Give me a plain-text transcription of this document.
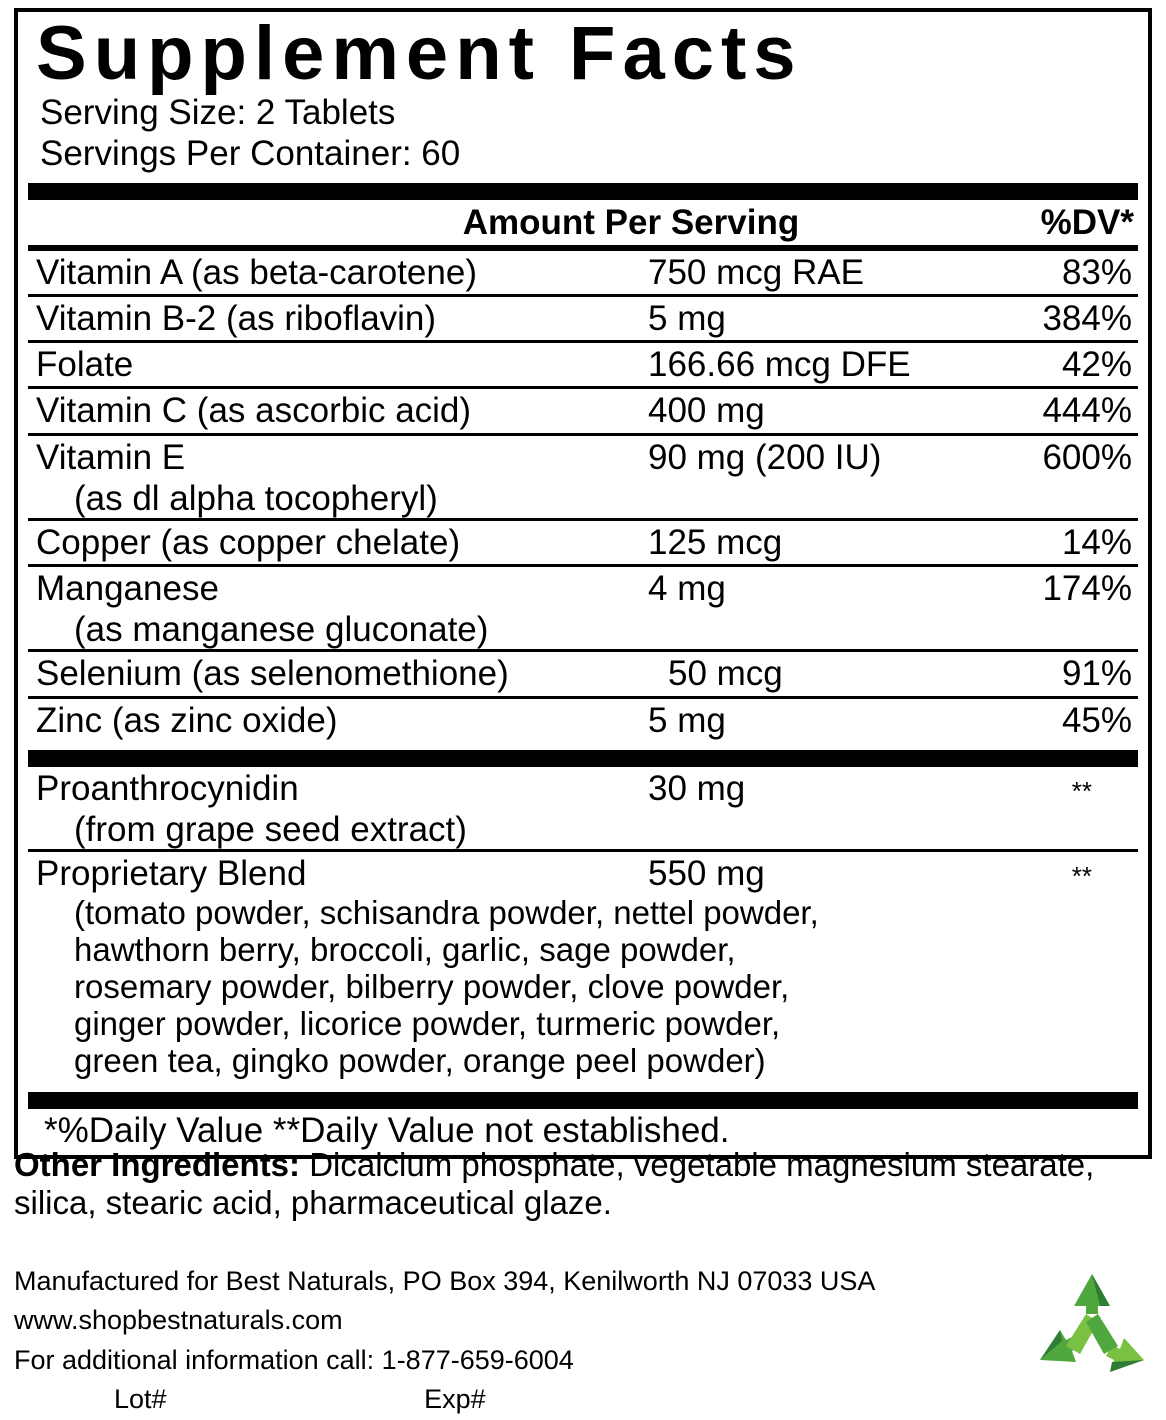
Supplement Facts
Serving Size: 2 Tablets
Servings Per Container: 60
Amount Per Serving	%DV*
Vitamin A (as beta-carotene)	750 mcg RAE	83%
Vitamin B-2 (as riboflavin)	5 mg	384%
Folate	166.66 mcg DFE	42%
Vitamin C (as ascorbic acid)	400 mg	444%
Vitamin E	90 mg (200 IU)	600%
(as dl alpha tocopheryl)
Copper (as copper chelate)	125 mcg	14%
Manganese	4 mg	174%
(as manganese gluconate)
Selenium (as selenomethione)	50 mcg	91%
Zinc (as zinc oxide)	5 mg	45%
Proanthrocynidin	30 mg	**
(from grape seed extract)
Proprietary Blend	550 mg	**
(tomato powder, schisandra powder, nettel powder,
hawthorn berry, broccoli, garlic, sage powder,
rosemary powder, bilberry powder, clove powder,
ginger powder, licorice powder, turmeric powder,
green tea, gingko powder, orange peel powder)
*%Daily Value **Daily Value not established.
Other Ingredients: Dicalcium phosphate, vegetable magnesium stearate, silica, stearic acid, pharmaceutical glaze.
Manufactured for Best Naturals, PO Box 394, Kenilworth NJ 07033 USA
www.shopbestnaturals.com
For additional information call: 1-877-659-6004
Lot#	Exp#
